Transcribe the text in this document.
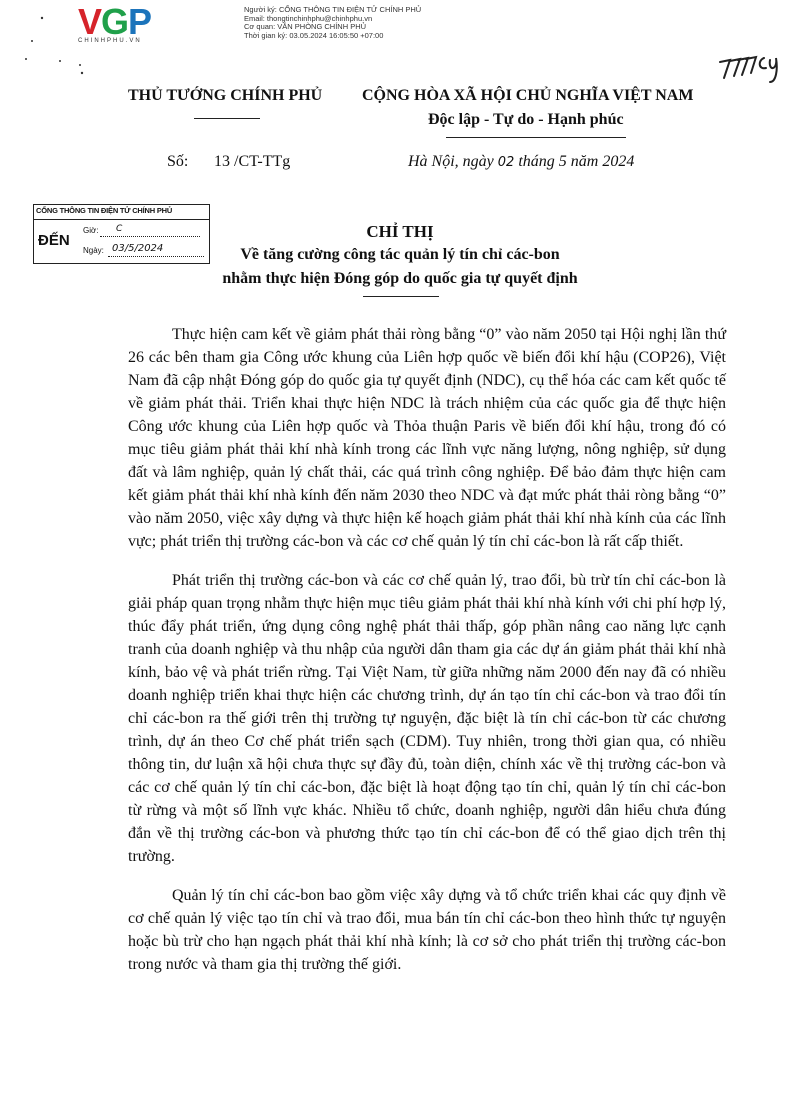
VGP
CHINHPHU.VN
Người ký: CỔNG THÔNG TIN ĐIỆN TỬ CHÍNH PHỦ
Email: thongtinchinhphu@chinhphu.vn
Cơ quan: VĂN PHÒNG CHÍNH PHỦ
Thời gian ký: 03.05.2024 16:05:50 +07:00
THỦ TƯỚNG CHÍNH PHỦ CỘNG HÒA XÃ HỘI CHỦ NGHĨA VIỆT NAM
Độc lập - Tự do - Hạnh phúc
Số: 13 /CT-TTg	Hà Nội, ngày 02 tháng 5 năm 2024
CỔNG THÔNG TIN ĐIỆN TỬ CHÍNH PHỦ
ĐẾN
Giờ: C
Ngày: 03/5/2024
CHỈ THỊ
Về tăng cường công tác quản lý tín chỉ các-bon
nhằm thực hiện Đóng góp do quốc gia tự quyết định

Thực hiện cam kết về giảm phát thải ròng bằng “0” vào năm 2050 tại Hội nghị lần thứ 26 các bên tham gia Công ước khung của Liên hợp quốc về biến đổi khí hậu (COP26), Việt Nam đã cập nhật Đóng góp do quốc gia tự quyết định (NDC), cụ thể hóa các cam kết quốc tế về giảm phát thải. Triển khai thực hiện NDC là trách nhiệm của các quốc gia để thực hiện Công ước khung của Liên hợp quốc và Thỏa thuận Paris về biến đổi khí hậu, trong đó có mục tiêu giảm phát thải khí nhà kính trong các lĩnh vực năng lượng, nông nghiệp, sử dụng đất và lâm nghiệp, quản lý chất thải, các quá trình công nghiệp. Để bảo đảm thực hiện cam kết giảm phát thải khí nhà kính đến năm 2030 theo NDC và đạt mức phát thải ròng bằng “0” vào năm 2050, việc xây dựng và thực hiện kế hoạch giảm phát thải khí nhà kính của các lĩnh vực; phát triển thị trường các-bon và các cơ chế quản lý tín chỉ các-bon là rất cấp thiết.

Phát triển thị trường các-bon và các cơ chế quản lý, trao đổi, bù trừ tín chỉ các-bon là giải pháp quan trọng nhằm thực hiện mục tiêu giảm phát thải khí nhà kính với chi phí hợp lý, thúc đẩy phát triển, ứng dụng công nghệ phát thải thấp, góp phần nâng cao năng lực cạnh tranh của doanh nghiệp và thu nhập của người dân tham gia các dự án giảm phát thải khí nhà kính, bảo vệ và phát triển rừng. Tại Việt Nam, từ giữa những năm 2000 đến nay đã có nhiều doanh nghiệp triển khai thực hiện các chương trình, dự án tạo tín chỉ các-bon và trao đổi tín chỉ các-bon ra thế giới trên thị trường tự nguyện, đặc biệt là tín chỉ các-bon từ các chương trình, dự án theo Cơ chế phát triển sạch (CDM). Tuy nhiên, trong thời gian qua, có nhiều thông tin, dư luận xã hội chưa thực sự đầy đủ, toàn diện, chính xác về thị trường các-bon và các cơ chế quản lý tín chỉ các-bon, đặc biệt là hoạt động tạo tín chỉ, quản lý tín chỉ các-bon từ rừng và một số lĩnh vực khác. Nhiều tổ chức, doanh nghiệp, người dân hiểu chưa đúng đắn về thị trường các-bon và phương thức tạo tín chỉ các-bon để có thể giao dịch trên thị trường.

Quản lý tín chỉ các-bon bao gồm việc xây dựng và tổ chức triển khai các quy định về cơ chế quản lý việc tạo tín chỉ và trao đổi, mua bán tín chỉ các-bon theo hình thức tự nguyện hoặc bù trừ cho hạn ngạch phát thải khí nhà kính; là cơ sở cho phát triển thị trường các-bon trong nước và tham gia thị trường thế giới.
